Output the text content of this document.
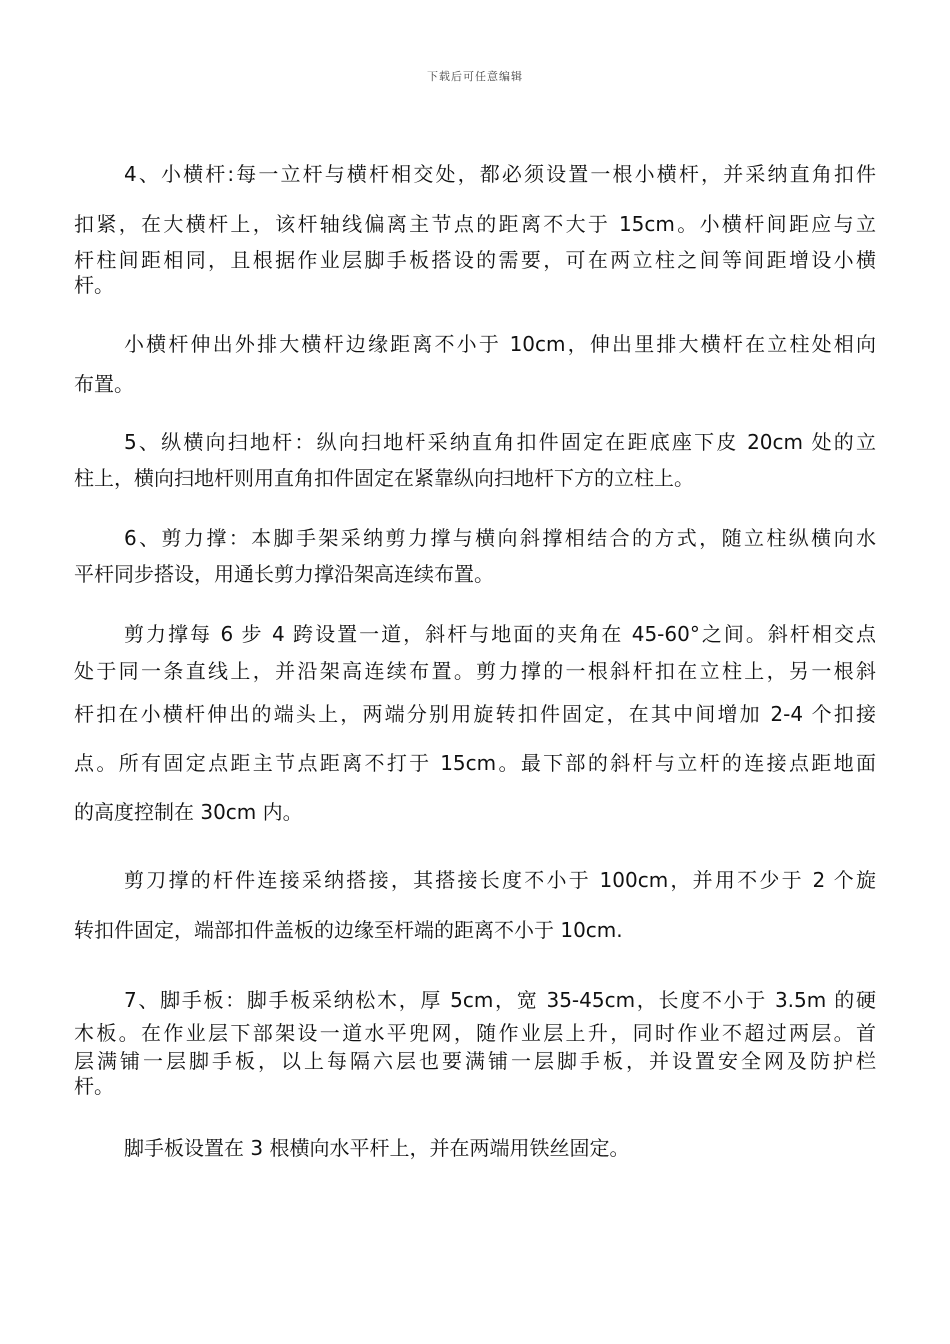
下载后可任意编辑
4、小横杆:每一立杆与横杆相交处，都必须设置一根小横杆，并采纳直角扣件
扣紧，在大横杆上，该杆轴线偏离主节点的距离不大于 15cm。小横杆间距应与立
杆柱间距相同，且根据作业层脚手板搭设的需要，可在两立柱之间等间距增设小横
杆。
小横杆伸出外排大横杆边缘距离不小于 10cm，伸出里排大横杆在立柱处相向
布置。
5、纵横向扫地杆：纵向扫地杆采纳直角扣件固定在距底座下皮 20cm 处的立
柱上，横向扫地杆则用直角扣件固定在紧靠纵向扫地杆下方的立柱上。
6、剪力撑：本脚手架采纳剪力撑与横向斜撑相结合的方式，随立柱纵横向水
平杆同步搭设，用通长剪力撑沿架高连续布置。
剪力撑每 6 步 4 跨设置一道，斜杆与地面的夹角在 45-60°之间。斜杆相交点
处于同一条直线上，并沿架高连续布置。剪力撑的一根斜杆扣在立柱上，另一根斜
杆扣在小横杆伸出的端头上，两端分别用旋转扣件固定，在其中间增加 2-4 个扣接
点。所有固定点距主节点距离不打于 15cm。最下部的斜杆与立杆的连接点距地面
的高度控制在 30cm 内。
剪刀撑的杆件连接采纳搭接，其搭接长度不小于 100cm，并用不少于 2 个旋
转扣件固定，端部扣件盖板的边缘至杆端的距离不小于 10cm.
7、脚手板：脚手板采纳松木，厚 5cm，宽 35-45cm，长度不小于 3.5m 的硬
木板。在作业层下部架设一道水平兜网，随作业层上升，同时作业不超过两层。首
层满铺一层脚手板，以上每隔六层也要满铺一层脚手板，并设置安全网及防护栏
杆。
脚手板设置在 3 根横向水平杆上，并在两端用铁丝固定。
